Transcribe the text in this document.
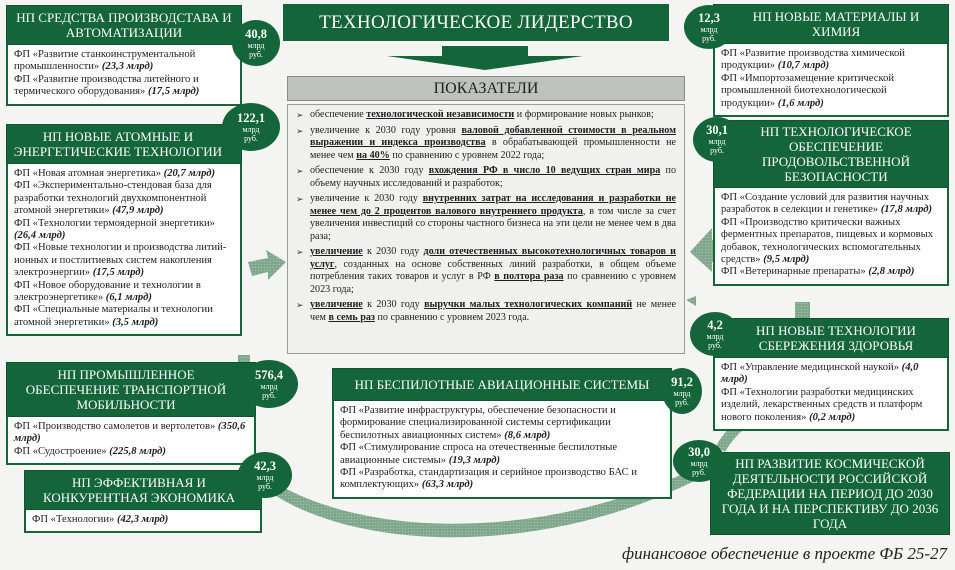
ТЕХНОЛОГИЧЕСКОЕ ЛИДЕРСТВО
ПОКАЗАТЕЛИ
➢ обеспечение технологической независимости и формирование новых рынков;
➢ увеличение к 2030 году уровня валовой добавленной стоимости в реальном выражении и индекса производства в обрабатывающей промышленности не менее чем на 40% по сравнению с уровнем 2022 года;
➢ обеспечение к 2030 году вхождения РФ в число 10 ведущих стран мира по объему научных исследований и разработок;
➢ увеличение к 2030 году внутренних затрат на исследования и разработки не менее чем до 2 процентов валового внутреннего продукта, в том числе за счет увеличения инвестиций со стороны частного бизнеса на эти цели не менее чем в два раза;
➢ увеличение к 2030 году доли отечественных высокотехнологичных товаров и услуг, созданных на основе собственных линий разработки, в общем объеме потребления таких товаров и услуг в РФ в полтора раза по сравнению с уровнем 2023 года;
➢ увеличение к 2030 году выручки малых технологических компаний не менее чем в семь раз по сравнению с уровнем 2023 года.
НП СРЕДСТВА ПРОИЗВОДСТАВА И АВТОМАТИЗАЦИИ
ФП «Развитие станкоинструментальной промышленности» (23,3 млрд)
ФП «Развитие производства литейного и термического оборудования» (17,5 млрд)
40,8
млрд
руб.
НП НОВЫЕ АТОМНЫЕ И ЭНЕРГЕТИЧЕСКИЕ ТЕХНОЛОГИИ
ФП «Новая атомная энергетика» (20,7 млрд)
ФП «Экспериментально-стендовая база для разработки технологий двухкомпонентной атомной энергетики» (47,9 млрд)
ФП «Технологии термоядерной энергетики» (26,4 млрд)
ФП «Новые технологии и производства литий-ионных и постлитиевых систем накопления электроэнергии» (17,5 млрд)
ФП «Новое оборудование и технологии в электроэнергетике» (6,1 млрд)
ФП «Специальные материалы и технологии атомной энергетики» (3,5 млрд)
122,1
млрд
руб.
НП ПРОМЫШЛЕННОЕ ОБЕСПЕЧЕНИЕ ТРАНСПОРТНОЙ МОБИЛЬНОСТИ
ФП «Производство самолетов и вертолетов» (350,6 млрд)
ФП «Судостроение» (225,8 млрд)
576,4
млрд
руб.
НП ЭФФЕКТИВНАЯ И КОНКУРЕНТНАЯ ЭКОНОМИКА
ФП «Технологии» (42,3 млрд)
42,3
млрд
руб.
НП БЕСПИЛОТНЫЕ АВИАЦИОННЫЕ СИСТЕМЫ
ФП «Развитие инфраструктуры, обеспечение безопасности и формирование специализированной системы сертификации беспилотных авиационных систем» (8,6 млрд)
ФП «Стимулирование спроса на отечественные беспилотные авиационные системы» (19,3 млрд)
ФП «Разработка, стандартизация и серийное производство БАС и комплектующих» (63,3 млрд)
91,2
млрд
руб.
НП НОВЫЕ МАТЕРИАЛЫ И ХИМИЯ
ФП «Развитие производства химической продукции» (10,7 млрд)
ФП «Импортозамещение критической промышленной биотехнологической продукции» (1,6 млрд)
12,3
млрд
руб.
НП ТЕХНОЛОГИЧЕСКОЕ ОБЕСПЕЧЕНИЕ ПРОДОВОЛЬСТВЕННОЙ БЕЗОПАСНОСТИ
ФП «Создание условий для развития научных разработок в селекции и генетике» (17,8 млрд)
ФП «Производство критически важных ферментных препаратов, пищевых и кормовых добавок, технологических вспомогательных средств» (9,5 млрд)
ФП «Ветеринарные препараты» (2,8 млрд)
30,1
млрд
руб.
НП НОВЫЕ ТЕХНОЛОГИИ СБЕРЕЖЕНИЯ ЗДОРОВЬЯ
ФП «Управление медицинской наукой» (4,0 млрд)
ФП «Технологии разработки медицинских изделий, лекарственных средств и платформ нового поколения» (0,2 млрд)
4,2
млрд
руб.
НП РАЗВИТИЕ КОСМИЧЕСКОЙ ДЕЯТЕЛЬНОСТИ РОССИЙСКОЙ ФЕДЕРАЦИИ НА ПЕРИОД ДО 2030 ГОДА И НА ПЕРСПЕКТИВУ ДО 2036 ГОДА
30,0
млрд
руб.
финансовое обеспечение в проекте ФБ 25-27
